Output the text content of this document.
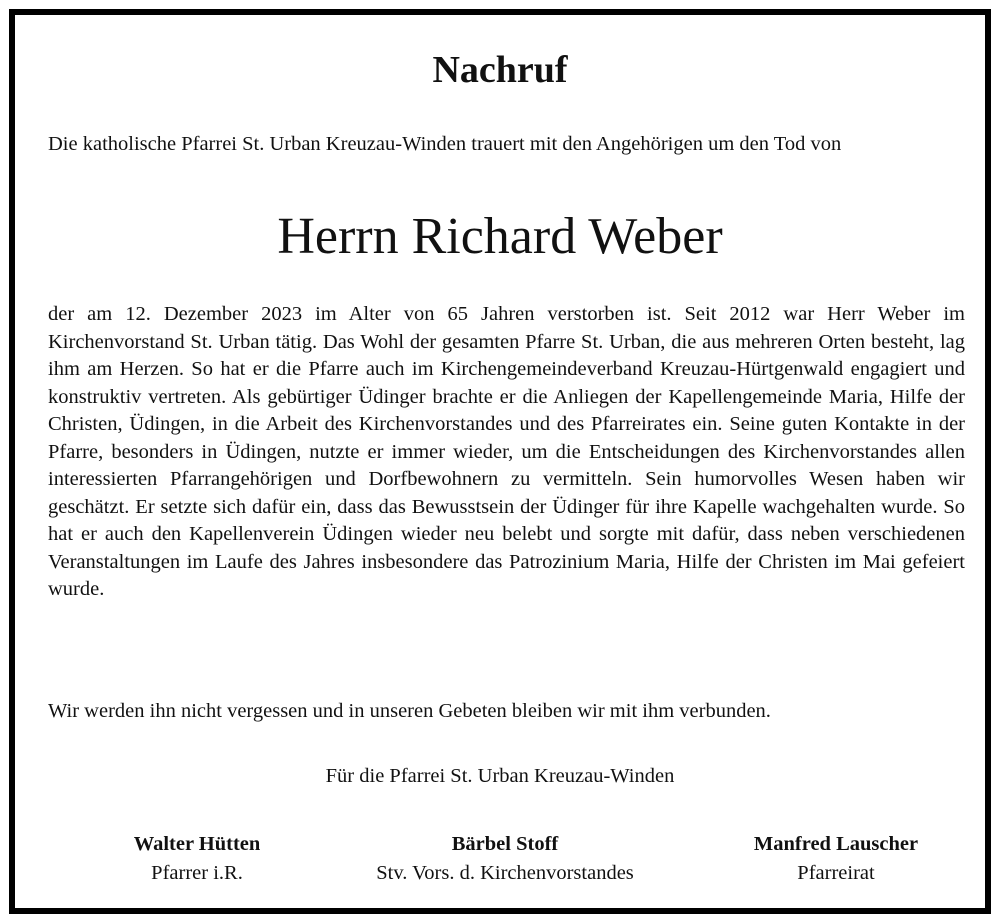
Nachruf

Die katholische Pfarrei St. Urban Kreuzau-Winden trauert mit den Angehörigen um den Tod von

Herrn Richard Weber

der am 12. Dezember 2023 im Alter von 65 Jahren verstorben ist. Seit 2012 war Herr Weber im Kirchenvorstand St. Urban tätig. Das Wohl der gesamten Pfarre St. Urban, die aus mehreren Orten besteht, lag ihm am Herzen. So hat er die Pfarre auch im Kirchengemeindeverband Kreuzau-Hürtgenwald engagiert und konstruktiv vertreten. Als gebürtiger Üdinger brachte er die Anliegen der Kapellengemeinde Maria, Hilfe der Christen, Üdingen, in die Arbeit des Kirchenvorstandes und des Pfarreirates ein. Seine guten Kontakte in der Pfarre, besonders in Üdingen, nutzte er immer wieder, um die Entscheidungen des Kirchenvorstandes allen interessierten Pfarrangehörigen und Dorfbewohnern zu vermitteln. Sein humorvolles Wesen haben wir geschätzt. Er setzte sich dafür ein, dass das Bewusstsein der Üdinger für ihre Kapelle wachgehalten wurde. So hat er auch den Kapellenverein Üdingen wieder neu belebt und sorgte mit dafür, dass neben verschiedenen Veranstaltungen im Laufe des Jahres insbesondere das Patrozinium Maria, Hilfe der Christen im Mai gefeiert wurde.

Wir werden ihn nicht vergessen und in unseren Gebeten bleiben wir mit ihm verbunden.

Für die Pfarrei St. Urban Kreuzau-Winden

Walter Hütten

Pfarrer i.R.

Bärbel Stoff

Stv. Vors. d. Kirchenvorstandes

Manfred Lauscher

Pfarreirat
